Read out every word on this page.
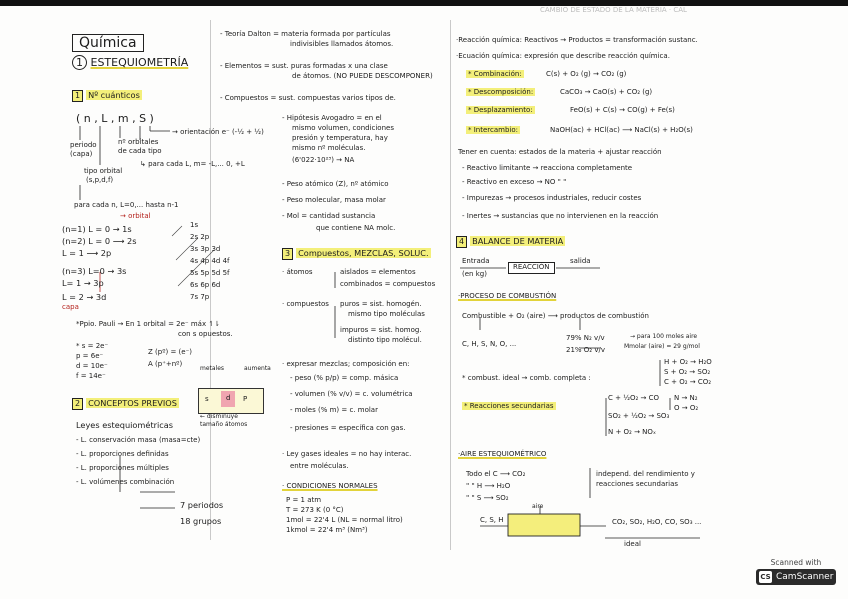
CAMBIO DE ESTADO DE LA MATERIA · CAL
Química
1 ESTEQUIOMETRÍA
1 Nº cuánticos
( n , L , m , S )
→ orientación e⁻ (-½ + ½)
periodo
(capa)
nº orbitales
de cada tipo
↳ para cada L, m= -L,... 0, +L
tipo orbital
(s,p,d,f)
para cada n, L=0,... hasta n-1
→ orbital
(n=1) L = 0 → 1s
(n=2) L = 0 ⟶ 2s
L = 1 ⟶ 2p
(n=3) L=0 → 3s
L= 1 → 3p
L = 2 → 3d
capa
1s
2s 2p
3s 3p 3d
4s 4p 4d 4f
5s 5p 5d 5f
6s 6p 6d
7s 7p
*Ppio. Pauli → En 1 orbital = 2e⁻ máx ↿⇂
con s opuestos.
* s = 2e⁻
p = 6e⁻
d = 10e⁻
f = 14e⁻
Z (pº) = (e⁻)
A (p⁺+nº)
metales	aumenta
s	d	P
← disminuye
tamaño átomos
2 CONCEPTOS PREVIOS
Leyes estequiométricas
- L. conservación masa (masa=cte)
- L. proporciones definidas
- L. proporciones múltiples
- L. volúmenes combinación
7 periodos
18 grupos
- Teoría Dalton = materia formada por partículas
indivisibles llamados átomos.
- Elementos = sust. puras formadas x una clase
de átomos. (NO PUEDE DESCOMPONER)
- Compuestos = sust. compuestas varios tipos de.
- Hipótesis Avogadro = en el
mismo volumen, condiciones
presión y temperatura, hay
mismo nº moléculas.
(6'022·10²³) → NA
- Peso atómico (Z), nº atómico
- Peso molecular, masa molar
- Mol = cantidad sustancia
que contiene NA molc.
3 Compuestos, MEZCLAS, SOLUC.
· átomos	aislados = elementos
combinados = compuestos
· compuestos puros = sist. homogén.
mismo tipo moléculas
impuros = sist. homog.
distinto tipo molécul.
· expresar mezclas; composición en:
- peso (% p/p) = comp. másica
- volumen (% v/v) = c. volumétrica
- moles (% m) = c. molar
- presiones = específica con gas.
· Ley gases ideales = no hay interac.
entre moléculas.
· CONDICIONES NORMALES
P = 1 atm
T = 273 K (0 °C)
1mol = 22'4 L (NL = normal litro)
1kmol = 22'4 m³ (Nm³)
·Reacción química: Reactivos → Productos = transformación sustanc.
·Ecuación química: expresión que describe reacción química.
* Combinación:	C(s) + O₂ (g) → CO₂ (g)
* Descomposición:	CaCO₃ → CaO(s) + CO₂ (g)
* Desplazamiento:	FeO(s) + C(s) → CO(g) + Fe(s)
* Intercambio:	NaOH(ac) + HCl(ac) ⟶ NaCl(s) + H₂O(s)
Tener en cuenta: estados de la materia + ajustar reacción
- Reactivo limitante → reacciona completamente
- Reactivo en exceso → NO " "
- Impurezas → procesos industriales, reducir costes
- Inertes → sustancias que no intervienen en la reacción
4 BALANCE DE MATERIA
Entrada
(en kg)
REACCIÓN
salida
·PROCESO DE COMBUSTIÓN
Combustible + O₂ (aire) ⟶ productos de combustión
C, H, S, N, O, ...
79% N₂ v/v
21% O₂ v/v
→ para 100 moles aire
Mmolar (aire) = 29 g/mol
* combust. ideal → comb. completa :
H + O₂ → H₂O
S + O₂ → SO₂
C + O₂ → CO₂
* Reacciones secundarias
C + ½O₂ → CO
SO₂ + ½O₂ → SO₃
N + O₂ → NOₓ
N → N₂
O → O₂
·AIRE ESTEQUIOMÉTRICO
Todo el C ⟶ CO₂
" " H ⟶ H₂O
" " S ⟶ SO₂
independ. del rendimiento y
reacciones secundarias
C, S, H
aire
CO₂, SO₂, H₂O, CO, SO₃ ...
ideal
Scanned with
CS CamScanner
